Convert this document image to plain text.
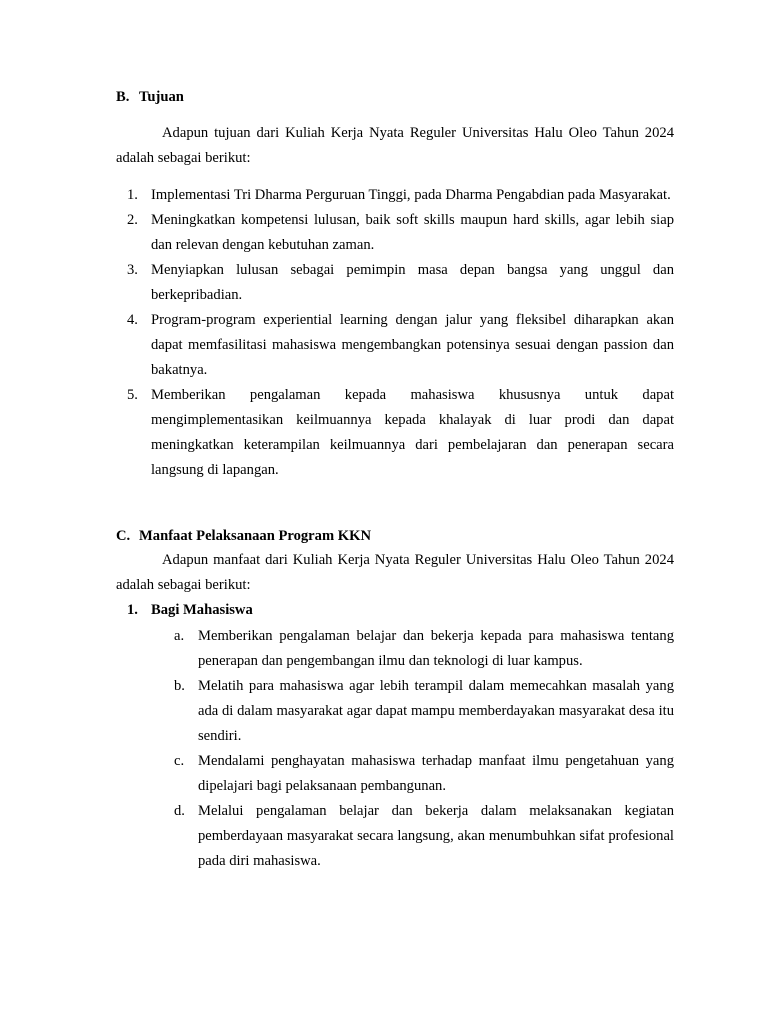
B. Tujuan

Adapun tujuan dari Kuliah Kerja Nyata Reguler Universitas Halu Oleo Tahun 2024 adalah sebagai berikut:

1. Implementasi Tri Dharma Perguruan Tinggi, pada Dharma Pengabdian pada Masyarakat.
2. Meningkatkan kompetensi lulusan, baik soft skills maupun hard skills, agar lebih siap dan relevan dengan kebutuhan zaman.
3. Menyiapkan lulusan sebagai pemimpin masa depan bangsa yang unggul dan berkepribadian.
4. Program-program experiential learning dengan jalur yang fleksibel diharapkan akan dapat memfasilitasi mahasiswa mengembangkan potensinya sesuai dengan passion dan bakatnya.
5. Memberikan pengalaman kepada mahasiswa khususnya untuk dapat mengimplementasikan keilmuannya kepada khalayak di luar prodi dan dapat meningkatkan keterampilan keilmuannya dari pembelajaran dan penerapan secara langsung di lapangan.
C. Manfaat Pelaksanaan Program KKN

Adapun manfaat dari Kuliah Kerja Nyata Reguler Universitas Halu Oleo Tahun 2024 adalah sebagai berikut:

1. Bagi Mahasiswa
a. Memberikan pengalaman belajar dan bekerja kepada para mahasiswa tentang penerapan dan pengembangan ilmu dan teknologi di luar kampus.
b. Melatih para mahasiswa agar lebih terampil dalam memecahkan masalah yang ada di dalam masyarakat agar dapat mampu memberdayakan masyarakat desa itu sendiri.
c. Mendalami penghayatan mahasiswa terhadap manfaat ilmu pengetahuan yang dipelajari bagi pelaksanaan pembangunan.
d. Melalui pengalaman belajar dan bekerja dalam melaksanakan kegiatan pemberdayaan masyarakat secara langsung, akan menumbuhkan sifat profesional pada diri mahasiswa.
